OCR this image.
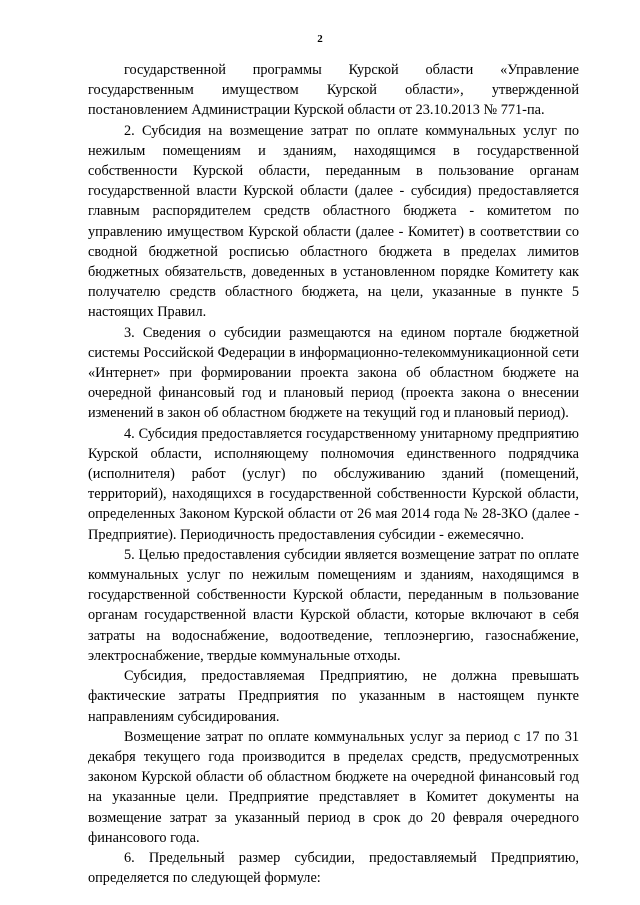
2

государственной программы Курской области «Управление государственным имуществом Курской области», утвержденной постановлением Администрации Курской области от 23.10.2013 № 771-па.

2. Субсидия на возмещение затрат по оплате коммунальных услуг по нежилым помещениям и зданиям, находящимся в государственной собственности Курской области, переданным в пользование органам государственной власти Курской области (далее - субсидия) предоставляется главным распорядителем средств областного бюджета - комитетом по управлению имуществом Курской области (далее - Комитет) в соответствии со сводной бюджетной росписью областного бюджета в пределах лимитов бюджетных обязательств, доведенных в установленном порядке Комитету как получателю средств областного бюджета, на цели, указанные в пункте 5 настоящих Правил.

3. Сведения о субсидии размещаются на едином портале бюджетной системы Российской Федерации в информационно-телекоммуникационной сети «Интернет» при формировании проекта закона об областном бюджете на очередной финансовый год и плановый период (проекта закона о внесении изменений в закон об областном бюджете на текущий год и плановый период).

4. Субсидия предоставляется государственному унитарному предприятию Курской области, исполняющему полномочия единственного подрядчика (исполнителя) работ (услуг) по обслуживанию зданий (помещений, территорий), находящихся в государственной собственности Курской области, определенных Законом Курской области от 26 мая 2014 года № 28-ЗКО (далее - Предприятие). Периодичность предоставления субсидии - ежемесячно.

5. Целью предоставления субсидии является возмещение затрат по оплате коммунальных услуг по нежилым помещениям и зданиям, находящимся в государственной собственности Курской области, переданным в пользование органам государственной власти Курской области, которые включают в себя затраты на водоснабжение, водоотведение, теплоэнергию, газоснабжение, электроснабжение, твердые коммунальные отходы.

Субсидия, предоставляемая Предприятию, не должна превышать фактические затраты Предприятия по указанным в настоящем пункте направлениям субсидирования.

Возмещение затрат по оплате коммунальных услуг за период с 17 по 31 декабря текущего года производится в пределах средств, предусмотренных законом Курской области об областном бюджете на очередной финансовый год на указанные цели. Предприятие представляет в Комитет документы на возмещение затрат за указанный период в срок до 20 февраля очередного финансового года.

6. Предельный размер субсидии, предоставляемый Предприятию, определяется по следующей формуле:
